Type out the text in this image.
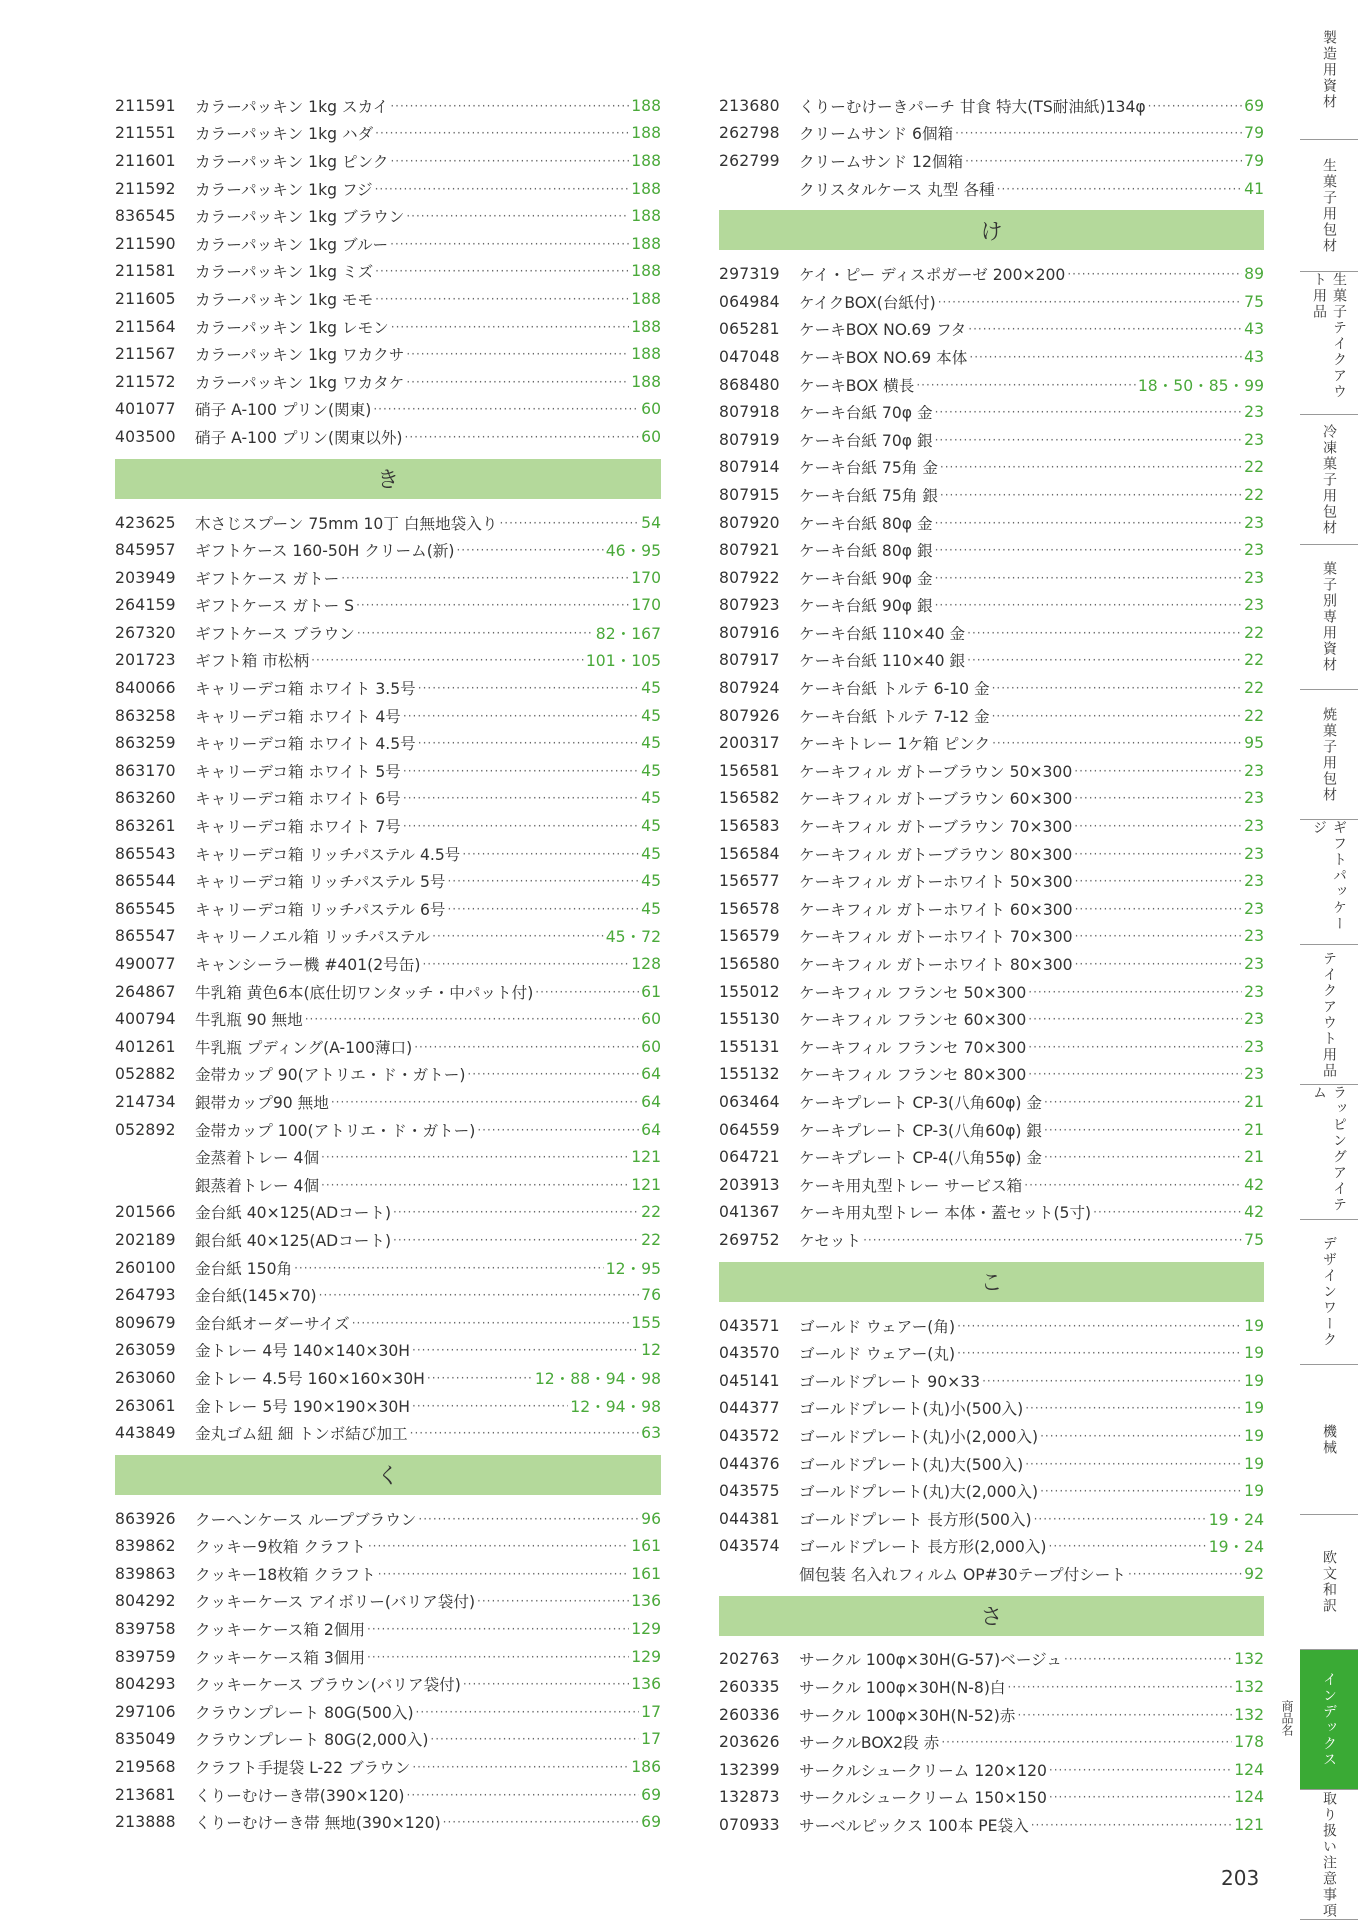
211591	カラーパッキン 1kg スカイ ·····	188
211551	カラーパッキン 1kg ハダ ·····	188
211601	カラーパッキン 1kg ピンク ·····	188
211592	カラーパッキン 1kg フジ ·····	188
836545	カラーパッキン 1kg ブラウン ·····	188
211590	カラーパッキン 1kg ブルー ·····	188
211581	カラーパッキン 1kg ミズ ·····	188
211605	カラーパッキン 1kg モモ ·····	188
211564	カラーパッキン 1kg レモン ·····	188
211567	カラーパッキン 1kg ワカクサ ·····	188
211572	カラーパッキン 1kg ワカタケ ·····	188
401077	硝子 A-100 プリン(関東) ·····	60
403500	硝子 A-100 プリン(関東以外) ·····	60
き
423625	木さじスプーン 75mm 10丁 白無地袋入り ·····	54
845957	ギフトケース 160-50H クリーム(新) ·····	46・95
203949	ギフトケース ガトー ·····	170
264159	ギフトケース ガトー S ·····	170
267320	ギフトケース ブラウン ·····	82・167
201723	ギフト箱 市松柄 ·····	101・105
840066	キャリーデコ箱 ホワイト 3.5号 ·····	45
863258	キャリーデコ箱 ホワイト 4号 ·····	45
863259	キャリーデコ箱 ホワイト 4.5号 ·····	45
863170	キャリーデコ箱 ホワイト 5号 ·····	45
863260	キャリーデコ箱 ホワイト 6号 ·····	45
863261	キャリーデコ箱 ホワイト 7号 ·····	45
865543	キャリーデコ箱 リッチパステル 4.5号 ·····	45
865544	キャリーデコ箱 リッチパステル 5号 ·····	45
865545	キャリーデコ箱 リッチパステル 6号 ·····	45
865547	キャリーノエル箱 リッチパステル ·····	45・72
490077	キャンシーラー機 #401(2号缶) ·····	128
264867	牛乳箱 黄色6本(底仕切ワンタッチ・中パット付) ·····	61
400794	牛乳瓶 90 無地 ·····	60
401261	牛乳瓶 プディング(A-100薄口) ·····	60
052882	金帯カップ 90(アトリエ・ド・ガトー) ·····	64
214734	銀帯カップ90 無地 ·····	64
052892	金帯カップ 100(アトリエ・ド・ガトー) ·····	64
金蒸着トレー 4個 ·····	121
銀蒸着トレー 4個 ·····	121
201566	金台紙 40×125(ADコート) ·····	22
202189	銀台紙 40×125(ADコート) ·····	22
260100	金台紙 150角 ·····	12・95
264793	金台紙(145×70) ·····	76
809679	金台紙オーダーサイズ ·····	155
263059	金トレー 4号 140×140×30H ·····	12
263060	金トレー 4.5号 160×160×30H ·····	12・88・94・98
263061	金トレー 5号 190×190×30H ·····	12・94・98
443849	金丸ゴム紐 細 トンボ結び加工 ·····	63
く
863926	クーヘンケース ループブラウン ·····	96
839862	クッキー9枚箱 クラフト ·····	161
839863	クッキー18枚箱 クラフト ·····	161
804292	クッキーケース アイボリー(バリア袋付) ·····	136
839758	クッキーケース箱 2個用 ·····	129
839759	クッキーケース箱 3個用 ·····	129
804293	クッキーケース ブラウン(バリア袋付) ·····	136
297106	クラウンプレート 80G(500入) ·····	17
835049	クラウンプレート 80G(2,000入) ·····	17
219568	クラフト手提袋 L-22 ブラウン ·····	186
213681	くりーむけーき帯(390×120) ·····	69
213888	くりーむけーき帯 無地(390×120) ·····	69
213680	くりーむけーきパーチ 甘食 特大(TS耐油紙)134φ ·····	69
262798	クリームサンド 6個箱 ·····	79
262799	クリームサンド 12個箱 ·····	79
クリスタルケース 丸型 各種 ·····	41
け
297319	ケイ・ピー ディスポガーゼ 200×200 ·····	89
064984	ケイクBOX(台紙付) ·····	75
065281	ケーキBOX NO.69 フタ ·····	43
047048	ケーキBOX NO.69 本体 ·····	43
868480	ケーキBOX 横長 ·····	18・50・85・99
807918	ケーキ台紙 70φ 金 ·····	23
807919	ケーキ台紙 70φ 銀 ·····	23
807914	ケーキ台紙 75角 金 ·····	22
807915	ケーキ台紙 75角 銀 ·····	22
807920	ケーキ台紙 80φ 金 ·····	23
807921	ケーキ台紙 80φ 銀 ·····	23
807922	ケーキ台紙 90φ 金 ·····	23
807923	ケーキ台紙 90φ 銀 ·····	23
807916	ケーキ台紙 110×40 金 ·····	22
807917	ケーキ台紙 110×40 銀 ·····	22
807924	ケーキ台紙 トルテ 6-10 金 ·····	22
807926	ケーキ台紙 トルテ 7-12 金 ·····	22
200317	ケーキトレー 1ケ箱 ピンク ·····	95
156581	ケーキフィル ガトーブラウン 50×300 ·····	23
156582	ケーキフィル ガトーブラウン 60×300 ·····	23
156583	ケーキフィル ガトーブラウン 70×300 ·····	23
156584	ケーキフィル ガトーブラウン 80×300 ·····	23
156577	ケーキフィル ガトーホワイト 50×300 ·····	23
156578	ケーキフィル ガトーホワイト 60×300 ·····	23
156579	ケーキフィル ガトーホワイト 70×300 ·····	23
156580	ケーキフィル ガトーホワイト 80×300 ·····	23
155012	ケーキフィル フランセ 50×300 ·····	23
155130	ケーキフィル フランセ 60×300 ·····	23
155131	ケーキフィル フランセ 70×300 ·····	23
155132	ケーキフィル フランセ 80×300 ·····	23
063464	ケーキプレート CP-3(八角60φ) 金 ·····	21
064559	ケーキプレート CP-3(八角60φ) 銀 ·····	21
064721	ケーキプレート CP-4(八角55φ) 金 ·····	21
203913	ケーキ用丸型トレー サービス箱 ·····	42
041367	ケーキ用丸型トレー 本体・蓋セット(5寸) ·····	42
269752	ケセット ·····	75
こ
043571	ゴールド ウェアー(角) ·····	19
043570	ゴールド ウェアー(丸) ·····	19
045141	ゴールドプレート 90×33 ·····	19
044377	ゴールドプレート(丸)小(500入) ·····	19
043572	ゴールドプレート(丸)小(2,000入) ·····	19
044376	ゴールドプレート(丸)大(500入) ·····	19
043575	ゴールドプレート(丸)大(2,000入) ·····	19
044381	ゴールドプレート 長方形(500入) ·····	19・24
043574	ゴールドプレート 長方形(2,000入) ·····	19・24
個包装 名入れフィルム OP#30テープ付シート ·····	92
さ
202763	サークル 100φ×30H(G-57)ベージュ ·····	132
260335	サークル 100φ×30H(N-8)白 ·····	132
260336	サークル 100φ×30H(N-52)赤 ·····	132
203626	サークルBOX2段 赤 ·····	178
132399	サークルシュークリーム 120×120 ·····	124
132873	サークルシュークリーム 150×150 ·····	124
070933	サーベルピックス 100本 PE袋入 ·····	121
製造用資材
生菓子用包材
生菓子テイクアウト用品
冷凍菓子用包材
菓子別専用資材
焼菓子用包材
ギフトパッケージ
テイクアウト用品
ラッピングアイテム
デザインワーク
機械
欧文和訳
インデックス
取り扱い注意事項
商品名
203
